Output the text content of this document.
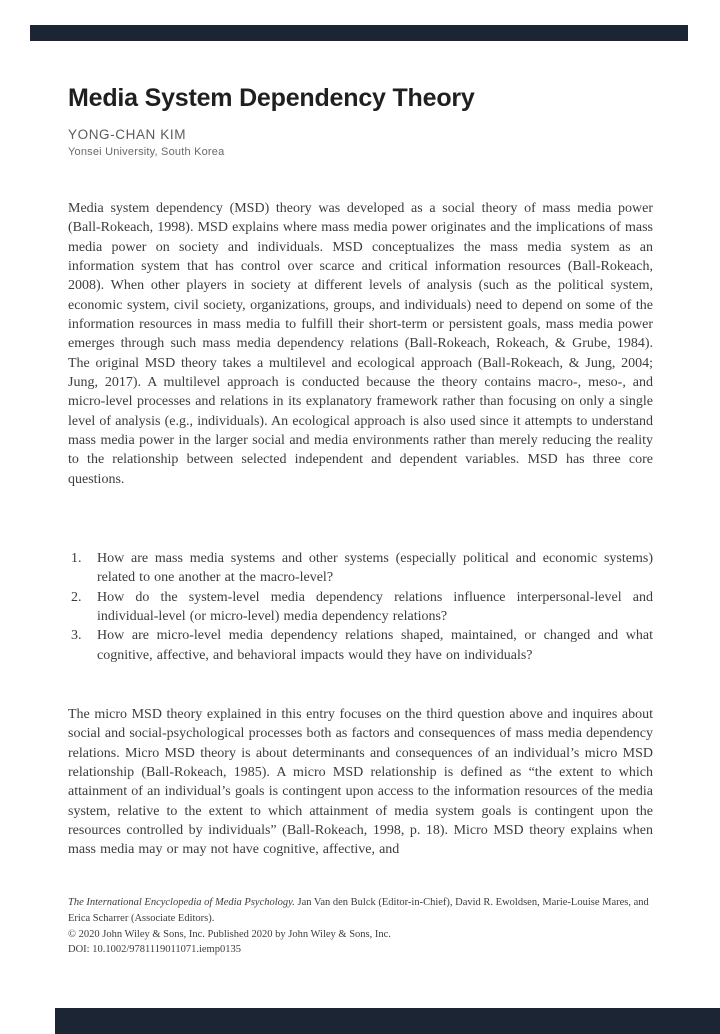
Media System Dependency Theory
YONG-CHAN KIM
Yonsei University, South Korea

Media system dependency (MSD) theory was developed as a social theory of mass media power (Ball-Rokeach, 1998). MSD explains where mass media power originates and the implications of mass media power on society and individuals. MSD conceptualizes the mass media system as an information system that has control over scarce and critical information resources (Ball-Rokeach, 2008). When other players in society at different levels of analysis (such as the political system, economic system, civil society, organizations, groups, and individuals) need to depend on some of the information resources in mass media to fulfill their short-term or persistent goals, mass media power emerges through such mass media dependency relations (Ball-Rokeach, Rokeach, & Grube, 1984). The original MSD theory takes a multilevel and ecological approach (Ball-Rokeach, & Jung, 2004; Jung, 2017). A multilevel approach is conducted because the theory contains macro-, meso-, and micro-level processes and relations in its explanatory framework rather than focusing on only a single level of analysis (e.g., individuals). An ecological approach is also used since it attempts to understand mass media power in the larger social and media environments rather than merely reducing the reality to the relationship between selected independent and dependent variables. MSD has three core questions.

1. How are mass media systems and other systems (especially political and economic systems) related to one another at the macro-level?
2. How do the system-level media dependency relations influence interpersonal-level and individual-level (or micro-level) media dependency relations?
3. How are micro-level media dependency relations shaped, maintained, or changed and what cognitive, affective, and behavioral impacts would they have on individuals?

The micro MSD theory explained in this entry focuses on the third question above and inquires about social and social-psychological processes both as factors and consequences of mass media dependency relations. Micro MSD theory is about determinants and consequences of an individual’s micro MSD relationship (Ball-Rokeach, 1985). A micro MSD relationship is defined as “the extent to which attainment of an individual’s goals is contingent upon access to the information resources of the media system, relative to the extent to which attainment of media system goals is contingent upon the resources controlled by individuals” (Ball-Rokeach, 1998, p. 18). Micro MSD theory explains when mass media may or may not have cognitive, affective, and

The International Encyclopedia of Media Psychology. Jan Van den Bulck (Editor-in-Chief), David R. Ewoldsen, Marie-Louise Mares, and Erica Scharrer (Associate Editors).
© 2020 John Wiley & Sons, Inc. Published 2020 by John Wiley & Sons, Inc.
DOI: 10.1002/9781119011071.iemp0135
